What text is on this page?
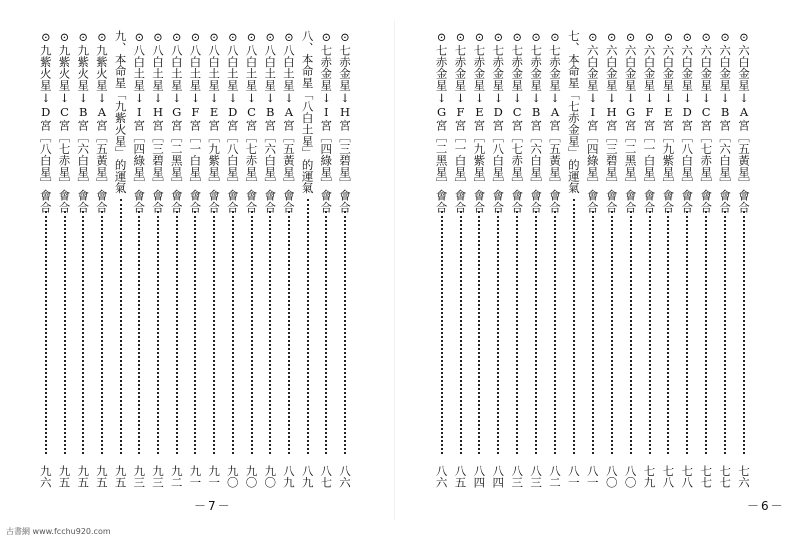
⊙七赤金星↓H宮［三碧星］會合
八六
⊙七赤金星↓I宮［四綠星］會合
八七
八、本命星「八白土星」的運氣
八九
⊙八白土星↓A宮［五黃星］會合
八九
⊙八白土星↓B宮［六白星］會合
九〇
⊙八白土星↓C宮［七赤星］會合
九〇
⊙八白土星↓D宮［八白星］會合
九〇
⊙八白土星↓E宮［九紫星］會合
九一
⊙八白土星↓F宮［一白星］會合
九一
⊙八白土星↓G宮［二黑星］會合
九二
⊙八白土星↓H宮［三碧星］會合
九三
⊙八白土星↓I宮［四綠星］會合
九三
九、本命星「九紫火星」的運氣
九五
⊙九紫火星↓A宮［五黃星］會合
九五
⊙九紫火星↓B宮［六白星］會合
九五
⊙九紫火星↓C宮［七赤星］會合
九五
⊙九紫火星↓D宮［八白星］會合
九六
－7－
⊙六白金星↓A宮［五黃星］會合
七六
⊙六白金星↓B宮［六白星］會合
七七
⊙六白金星↓C宮［七赤星］會合
七七
⊙六白金星↓D宮［八白星］會合
七八
⊙六白金星↓E宮［九紫星］會合
七八
⊙六白金星↓F宮［一白星］會合
七九
⊙六白金星↓G宮［二黑星］會合
八〇
⊙六白金星↓H宮［三碧星］會合
八〇
⊙六白金星↓I宮［四綠星］會合
八一
七、本命星「七赤金星」的運氣
八一
⊙七赤金星↓A宮［五黃星］會合
八二
⊙七赤金星↓B宮［六白星］會合
八三
⊙七赤金星↓C宮［七赤星］會合
八三
⊙七赤金星↓D宮［八白星］會合
八四
⊙七赤金星↓E宮［九紫星］會合
八四
⊙七赤金星↓F宮［一白星］會合
八五
⊙七赤金星↓G宮［二黑星］會合
八六
－6－
古書網 www.fcchu920.com
